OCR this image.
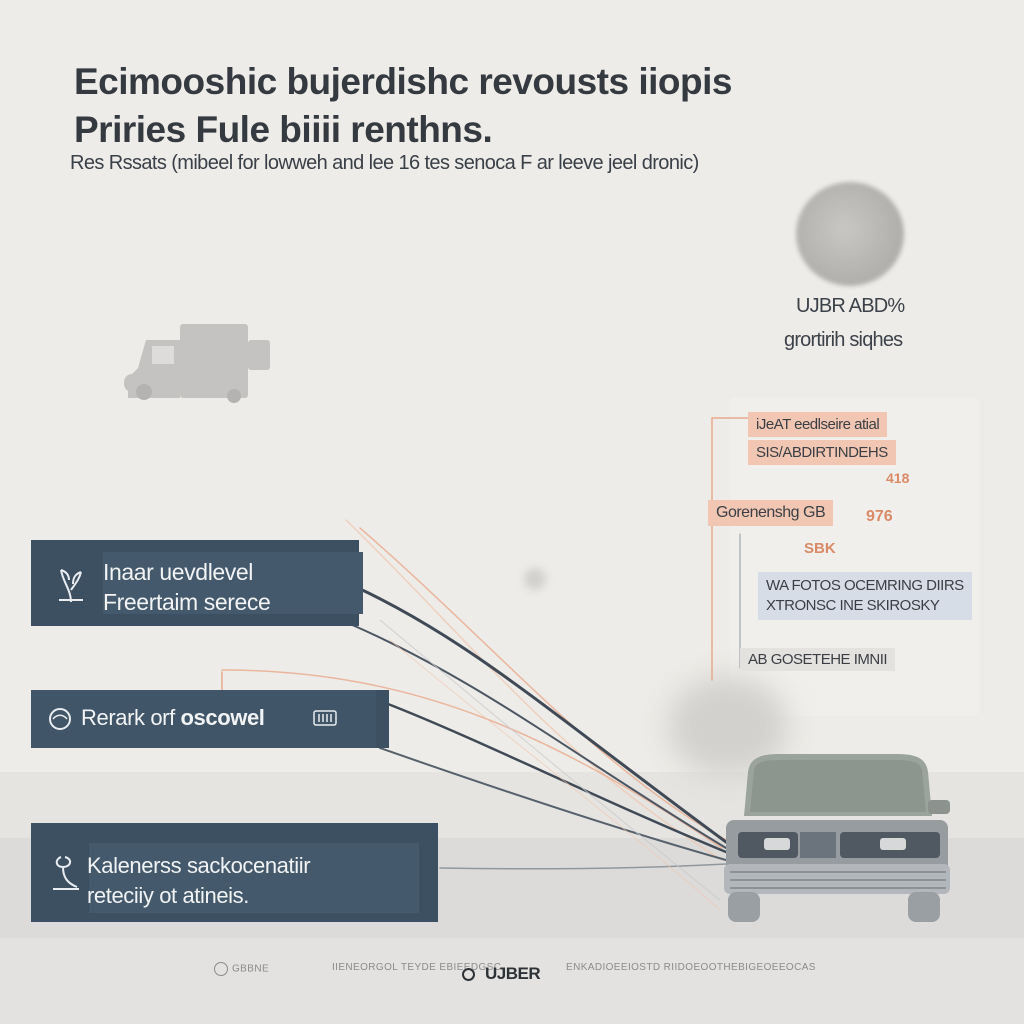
Ecimooshic bujerdishc revousts iiopis
Priries Fule biiii renthns.
Res Rssats (mibeel for lowweh and lee 16 tes senoca F ar leeve jeel dronic)
UJBR ABD%
grortirih siqhes
Inaar uevdlevel
Freertaim serece
Rerark orf oscowel
Kalenerss sackocenatiir
reteciiy ot atineis.
iJeAT eedlseire atial
SIS/ABDIRTINDEHS
418
Gorenenshg GB	976
SBK
WA FOTOS OCEMRING DIIRS
XTRONSC INE SKIROSKY
AB GOSETEHE IMNII
GBBNE	IIENEORGOL TEYDE EBIEEDGSC
UJBER	ENKADIOEEIOSTD RIIDOEOOTHEBIGEOEEOCAS
